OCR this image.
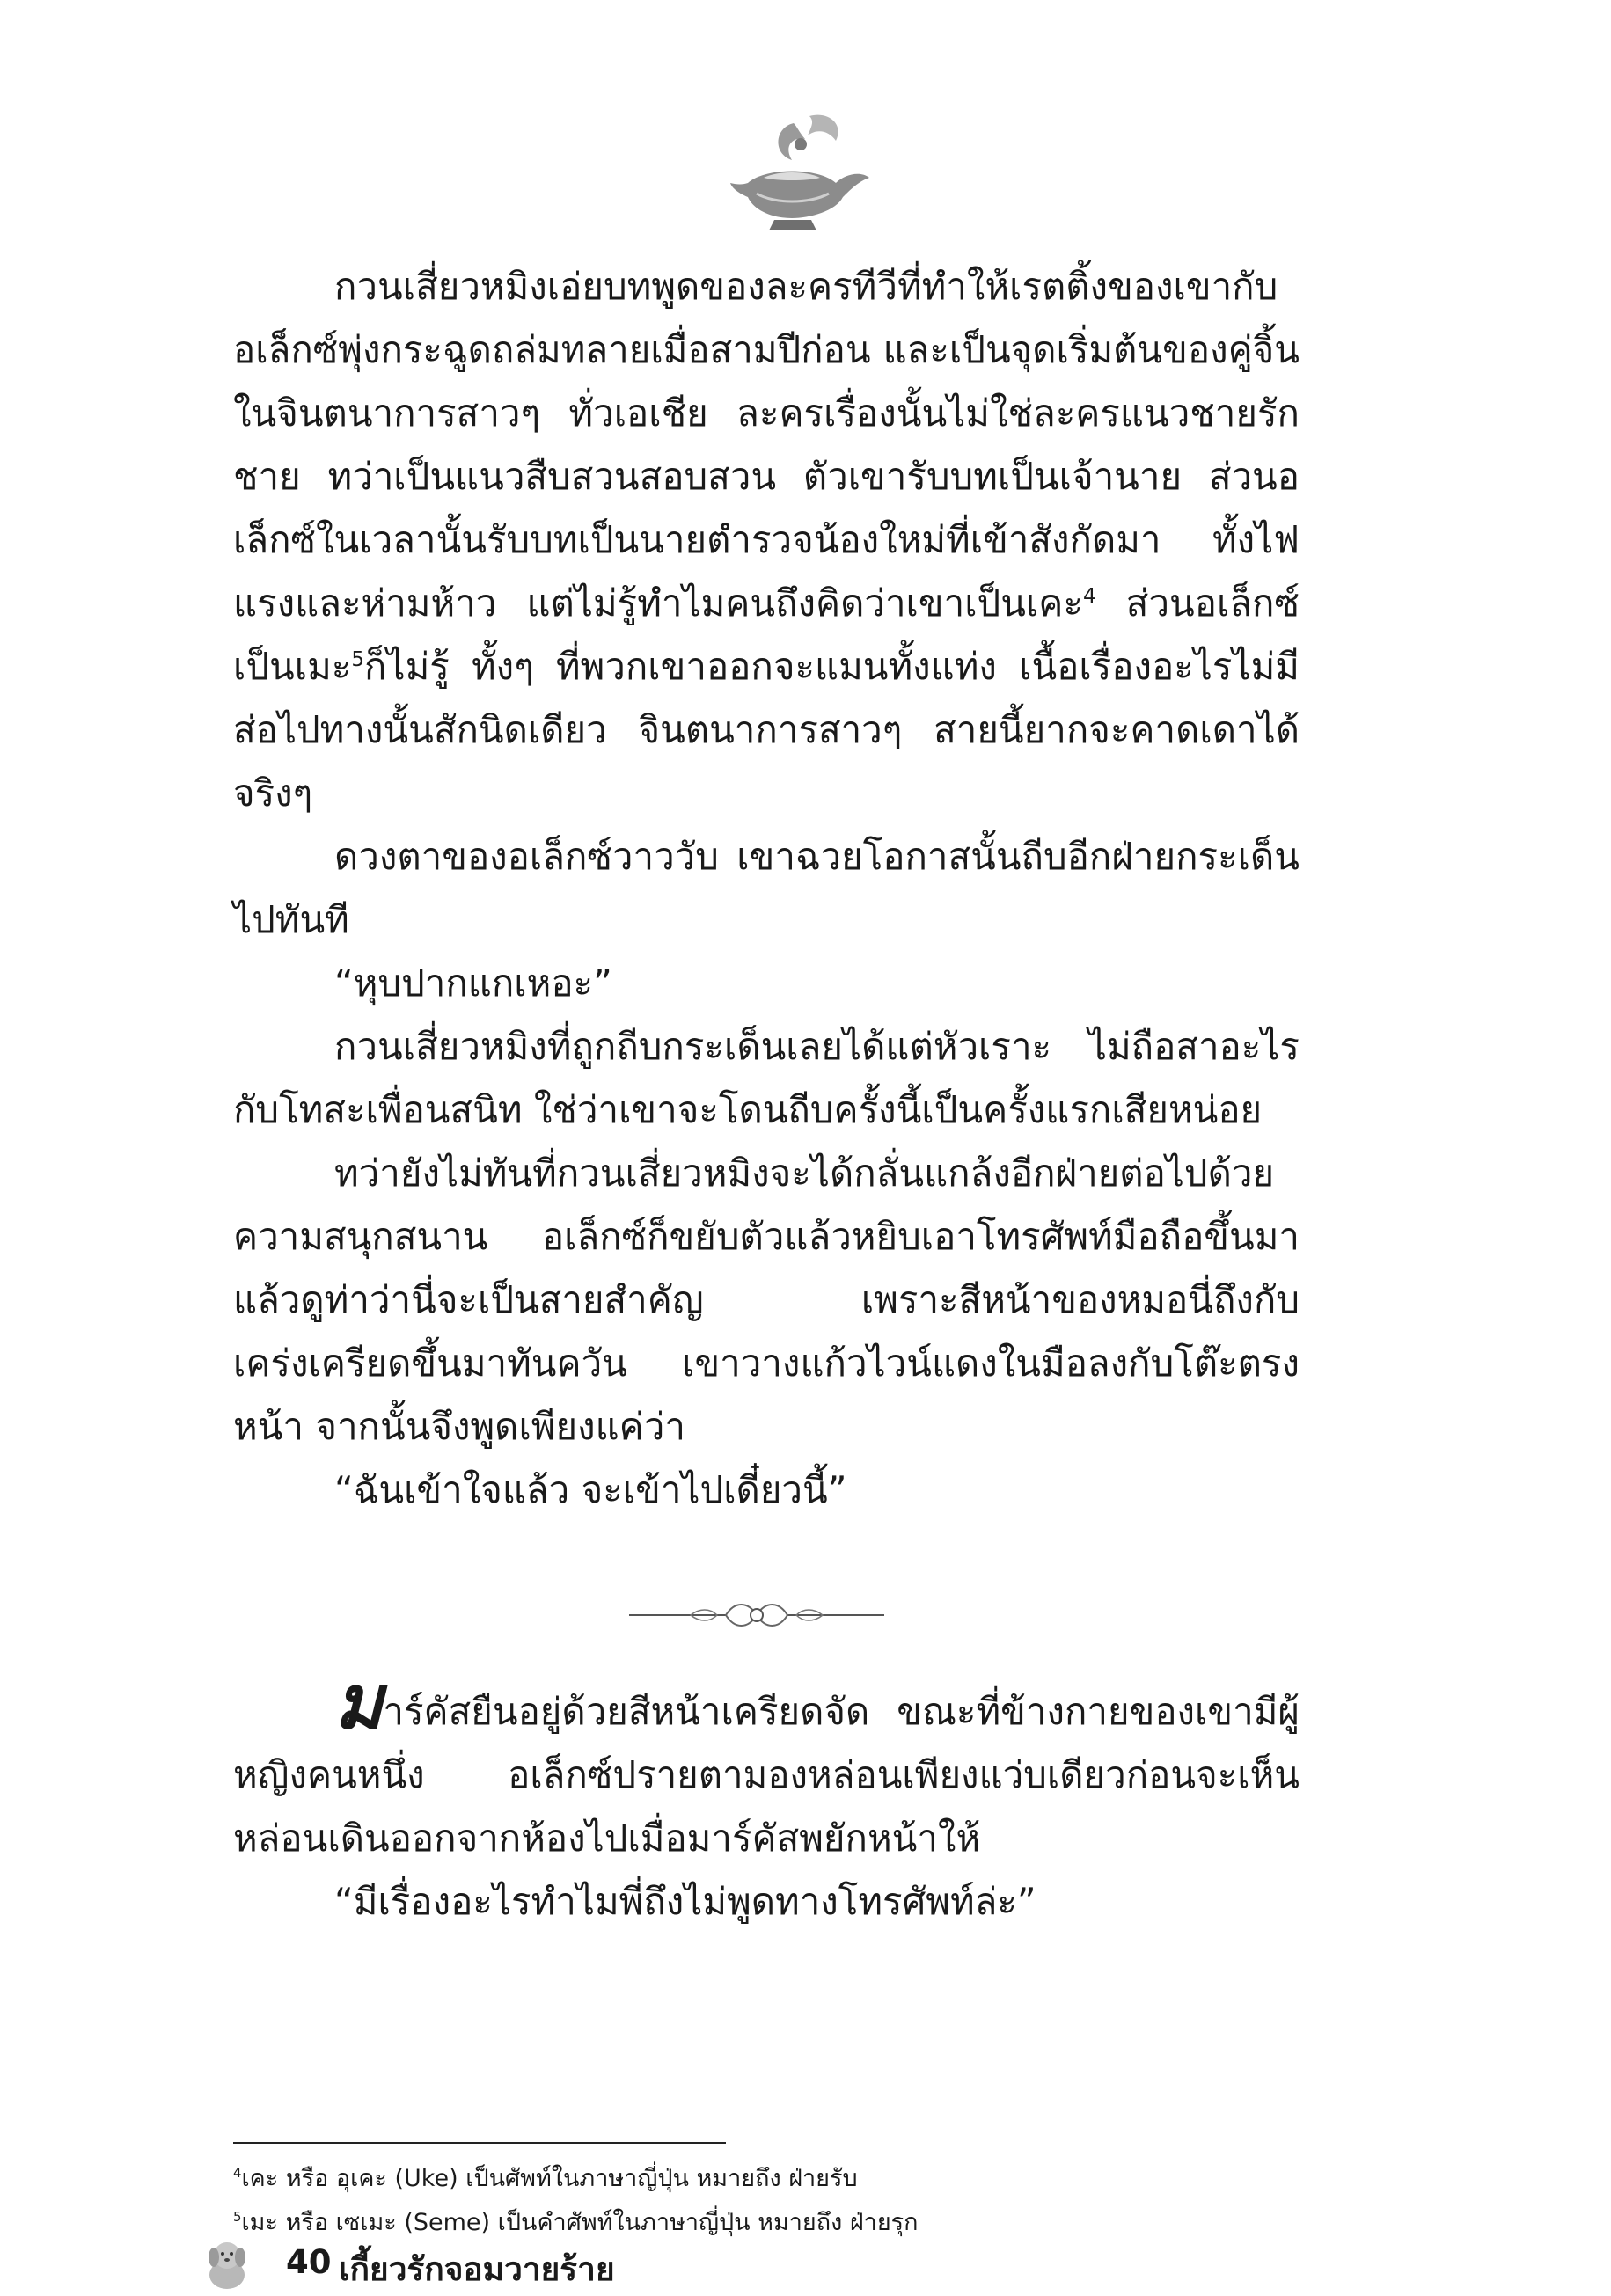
กวนเสี่ยวหมิงเอ่ยบทพูดของละครทีวีที่ทำให้เรตติ้งของเขากับอเล็กซ์พุ่งกระฉูดถล่มทลายเมื่อสามปีก่อน และเป็นจุดเริ่มต้นของคู่จิ้นในจินตนาการสาวๆ ทั่วเอเชีย ละครเรื่องนั้นไม่ใช่ละครแนวชายรักชาย ทว่าเป็นแนวสืบสวนสอบสวน ตัวเขารับบทเป็นเจ้านาย ส่วนอเล็กซ์ในเวลานั้นรับบทเป็นนายตำรวจน้องใหม่ที่เข้าสังกัดมา ทั้งไฟแรงและห่ามห้าว แต่ไม่รู้ทำไมคนถึงคิดว่าเขาเป็นเคะ$^4$ ส่วนอเล็กซ์เป็นเมะ$^5$ก็ไม่รู้ ทั้งๆ ที่พวกเขาออกจะแมนทั้งแท่ง เนื้อเรื่องอะไรไม่มีส่อไปทางนั้นสักนิดเดียว จินตนาการสาวๆ สายนี้ยากจะคาดเดาได้จริงๆ

ดวงตาของอเล็กซ์วาววับ เขาฉวยโอกาสนั้นถีบอีกฝ่ายกระเด็นไปทันที

“หุบปากแกเหอะ”

กวนเสี่ยวหมิงที่ถูกถีบกระเด็นเลยได้แต่หัวเราะ ไม่ถือสาอะไรกับโทสะเพื่อนสนิท ใช่ว่าเขาจะโดนถีบครั้งนี้เป็นครั้งแรกเสียหน่อย

ทว่ายังไม่ทันที่กวนเสี่ยวหมิงจะได้กลั่นแกล้งอีกฝ่ายต่อไปด้วยความสนุกสนาน อเล็กซ์ก็ขยับตัวแล้วหยิบเอาโทรศัพท์มือถือขึ้นมาแล้วดูท่าว่านี่จะเป็นสายสำคัญ เพราะสีหน้าของหมอนี่ถึงกับเคร่งเครียดขึ้นมาทันควัน เขาวางแก้วไวน์แดงในมือลงกับโต๊ะตรงหน้า จากนั้นจึงพูดเพียงแค่ว่า

“ฉันเข้าใจแล้ว จะเข้าไปเดี๋ยวนี้”

มาร์คัสยืนอยู่ด้วยสีหน้าเครียดจัด ขณะที่ข้างกายของเขามีผู้หญิงคนหนึ่ง อเล็กซ์ปรายตามองหล่อนเพียงแว่บเดียวก่อนจะเห็นหล่อนเดินออกจากห้องไปเมื่อมาร์คัสพยักหน้าให้

“มีเรื่องอะไรทำไมพี่ถึงไม่พูดทางโทรศัพท์ล่ะ”

$^4$เคะ หรือ อุเคะ (Uke) เป็นศัพท์ในภาษาญี่ปุ่น หมายถึง ฝ่ายรับ
$^5$เมะ หรือ เซเมะ (Seme) เป็นคำศัพท์ในภาษาญี่ปุ่น หมายถึง ฝ่ายรุก
40 เกี้ยวรักจอมวายร้าย
